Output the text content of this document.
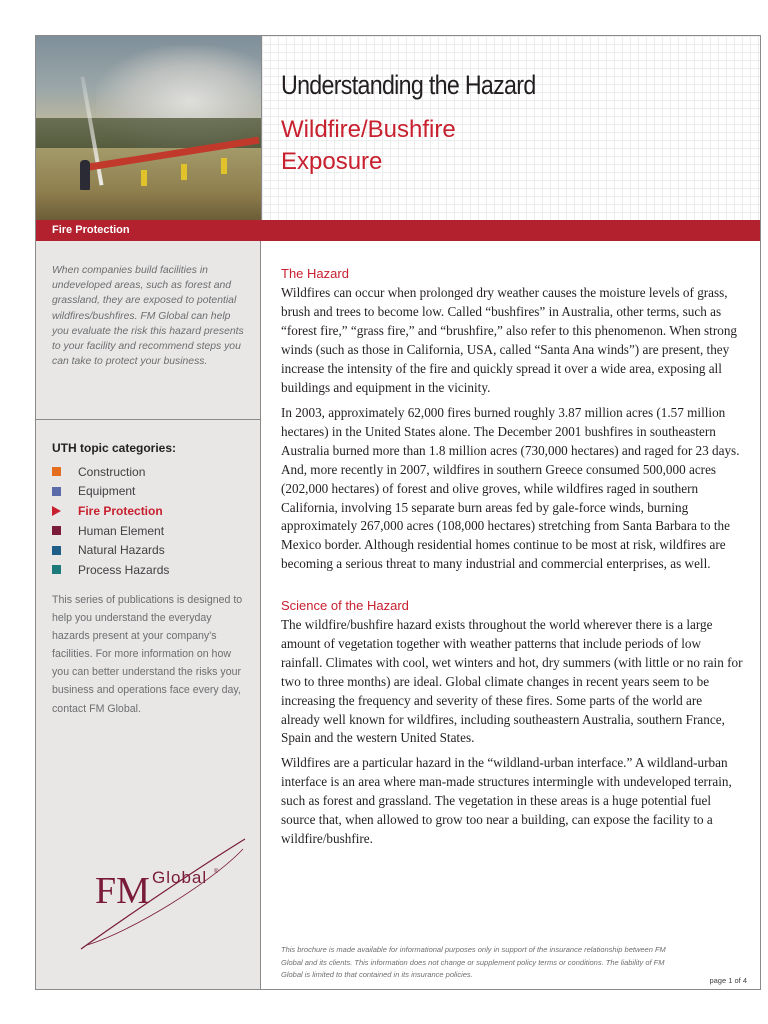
Understanding the Hazard
Wildfire/Bushfire
Exposure
Fire Protection

When companies build facilities in undeveloped areas, such as forest and grassland, they are exposed to potential wildfires/bushfires. FM Global can help you evaluate the risk this hazard presents to your facility and recommend steps you can take to protect your business.

UTH topic categories:
Construction
Equipment
Fire Protection
Human Element
Natural Hazards
Process Hazards

This series of publications is designed to help you understand the everyday hazards present at your company's facilities. For more information on how you can better understand the risks your business and operations face every day, contact FM Global.

FM Global ®
The Hazard

Wildfires can occur when prolonged dry weather causes the moisture levels of grass, brush and trees to become low. Called “bushfires” in Australia, other terms, such as “forest fire,” “grass fire,” and “brushfire,” also refer to this phenomenon. When strong winds (such as those in California, USA, called “Santa Ana winds”) are present, they increase the intensity of the fire and quickly spread it over a wide area, exposing all buildings and equipment in the vicinity.

In 2003, approximately 62,000 fires burned roughly 3.87 million acres (1.57 million hectares) in the United States alone. The December 2001 bushfires in southeastern Australia burned more than 1.8 million acres (730,000 hectares) and raged for 23 days. And, more recently in 2007, wildfires in southern Greece consumed 500,000 acres (202,000 hectares) of forest and olive groves, while wildfires raged in southern California, involving 15 separate burn areas fed by gale-force winds, burning approximately 267,000 acres (108,000 hectares) stretching from Santa Barbara to the Mexico border. Although residential homes continue to be most at risk, wildfires are becoming a serious threat to many industrial and commercial enterprises, as well.

Science of the Hazard

The wildfire/bushfire hazard exists throughout the world wherever there is a large amount of vegetation together with weather patterns that include periods of low rainfall. Climates with cool, wet winters and hot, dry summers (with little or no rain for two to three months) are ideal. Global climate changes in recent years seem to be increasing the frequency and severity of these fires. Some parts of the world are already well known for wildfires, including southeastern Australia, southern France, Spain and the western United States.

Wildfires are a particular hazard in the “wildland-urban interface.” A wildland-urban interface is an area where man-made structures intermingle with undeveloped terrain, such as forest and grassland. The vegetation in these areas is a huge potential fuel source that, when allowed to grow too near a building, can expose the facility to a wildfire/bushfire.

This brochure is made available for informational purposes only in support of the insurance relationship between FM Global and its clients. This information does not change or supplement policy terms or conditions. The liability of FM Global is limited to that contained in its insurance policies.

page 1 of 4
